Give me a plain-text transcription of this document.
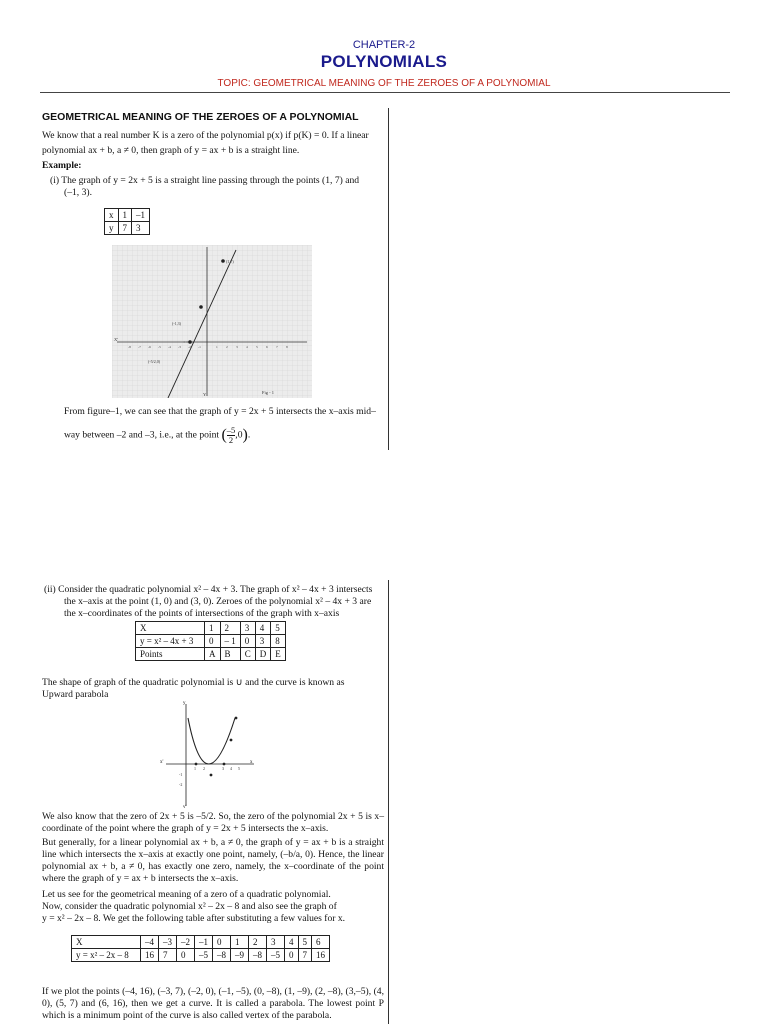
CHAPTER-2
POLYNOMIALS
TOPIC: GEOMETRICAL MEANING OF THE ZEROES OF A POLYNOMIAL
GEOMETRICAL MEANING OF THE ZEROES OF A POLYNOMIAL

We know that a real number K is a zero of the polynomial p(x) if p(K) = 0. If a linear

polynomial ax + b, a ≠ 0, then graph of y = ax + b is a straight line.

Example:

(i) The graph of y = 2x + 5 is a straight line passing through the points (1, 7) and

(–1, 3).

x	1	–1
y	7	3
(1,7)
(-1,3)
(-5/2,0)
X'
Y	Fig - 1
-8 -7 -6 -5 -4 -3 -2 -1	1 2 3 4 5 6 7 8

From figure–1, we can see that the graph of y = 2x + 5 intersects the x–axis mid–

way between –2 and –3, i.e., at the point ( $\frac{-5}{2} ,0$).

(ii) Consider the quadratic polynomial x² – 4x + 3. The graph of x² – 4x + 3 intersects

the x–axis at the point (1, 0) and (3, 0). Zeroes of the polynomial x² – 4x + 3 are

the x–coordinates of the points of intersections of the graph with x–axis

X	1	2	3	4	5
y = x² – 4x + 3	0	– 1	0	3	8
Points	A	B	C	D	E

The shape of graph of the quadratic polynomial is ∪ and the curve is known as

Upward parabola

y
y'
x'	x
1 2	3 4 5
-1
-2

We also know that the zero of 2x + 5 is –5/2. So, the zero of the polynomial 2x + 5 is x–coordinate of the point where the graph of y = 2x + 5 intersects the x–axis.

But generally, for a linear polynomial ax + b, a ≠ 0, the graph of y = ax + b is a straight line which intersects the x–axis at exactly one point, namely, (–b/a, 0). Hence, the linear polynomial ax + b, a ≠ 0, has exactly one zero, namely, the x–coordinate of the point where the graph of y = ax + b intersects the x–axis.

Let us see for the geometrical meaning of a zero of a quadratic polynomial.

Now, consider the quadratic polynomial x² – 2x – 8 and also see the graph of

y = x² – 2x – 8. We get the following table after substituting a few values for x.

X	–4	–3	–2	–1	0	1	2	3	4	5	6
y = x² – 2x – 8	16	7	0	–5	–8	–9	–8	–5	0	7	16

If we plot the points (–4, 16), (–3, 7), (–2, 0), (–1, –5), (0, –8), (1, –9), (2, –8), (3,–5), (4, 0), (5, 7) and (6, 16), then we get a curve. It is called a parabola. The lowest point P which is a minimum point of the curve is also called vertex of the parabola.
